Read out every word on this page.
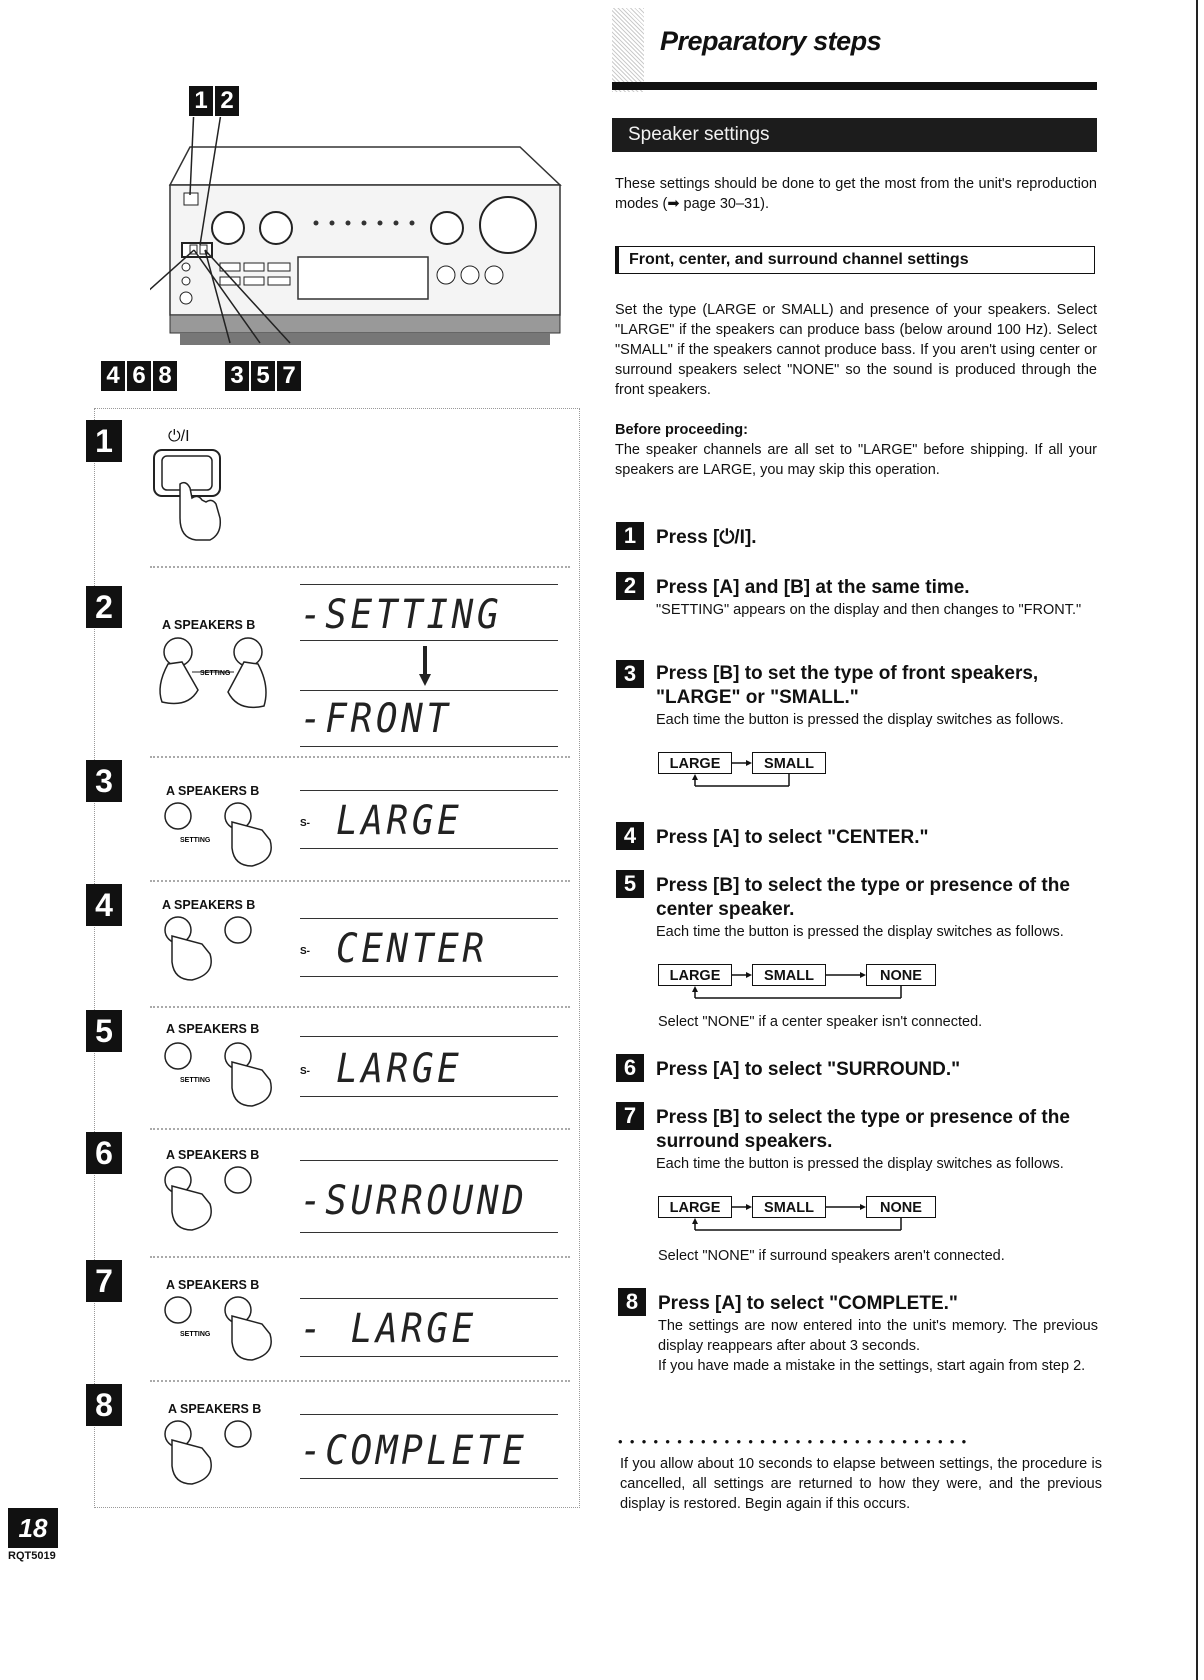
Preparatory steps
Speaker settings
These settings should be done to get the most from the unit's reproduction modes (➡ page 30–31).
Front, center, and surround channel settings
Set the type (LARGE or SMALL) and presence of your speakers. Select "LARGE" if the speakers can produce bass (below around 100 Hz). Select "SMALL" if the speakers cannot produce bass. If you aren't using center or surround speakers select "NONE" so the sound is produced through the front speakers.
Before proceeding:
The speaker channels are all set to "LARGE" before shipping. If all your speakers are LARGE, you may skip this operation.
1	Press [⏻/I].
2	Press [A] and [B] at the same time.
"SETTING" appears on the display and then changes to "FRONT."
3	Press [B] to set the type of front speakers, "LARGE" or "SMALL."
Each time the button is pressed the display switches as follows.
LARGE	SMALL
4	Press [A] to select "CENTER."
5	Press [B] to select the type or presence of the center speaker.
Each time the button is pressed the display switches as follows.
LARGE	SMALL	NONE
Select "NONE" if a center speaker isn't connected.
6	Press [A] to select "SURROUND."
7	Press [B] to select the type or presence of the surround speakers.
Each time the button is pressed the display switches as follows.
LARGE	SMALL	NONE
Select "NONE" if surround speakers aren't connected.
8	Press [A] to select "COMPLETE."
The settings are now entered into the unit's memory. The previous display reappears after about 3 seconds.
If you have made a mistake in the settings, start again from step 2.
••••••••••••••••••••••••••••••
If you allow about 10 seconds to elapse between settings, the procedure is cancelled, all settings are returned to how they were, and the previous display is restored. Begin again if this occurs.
18
RQT5019
1 2
4 6 8 3 5 7
1	⏻/I
2	A SPEAKERS B
SETTING
-SETTING
-FRONT
3	A SPEAKERS B
SETTING
S- LARGE
4	A SPEAKERS B
S- CENTER
5	A SPEAKERS B
SETTING
S- LARGE
6	A SPEAKERS B
-SURROUND
7	A SPEAKERS B
SETTING - LARGE
8	A SPEAKERS B
-COMPLETE
